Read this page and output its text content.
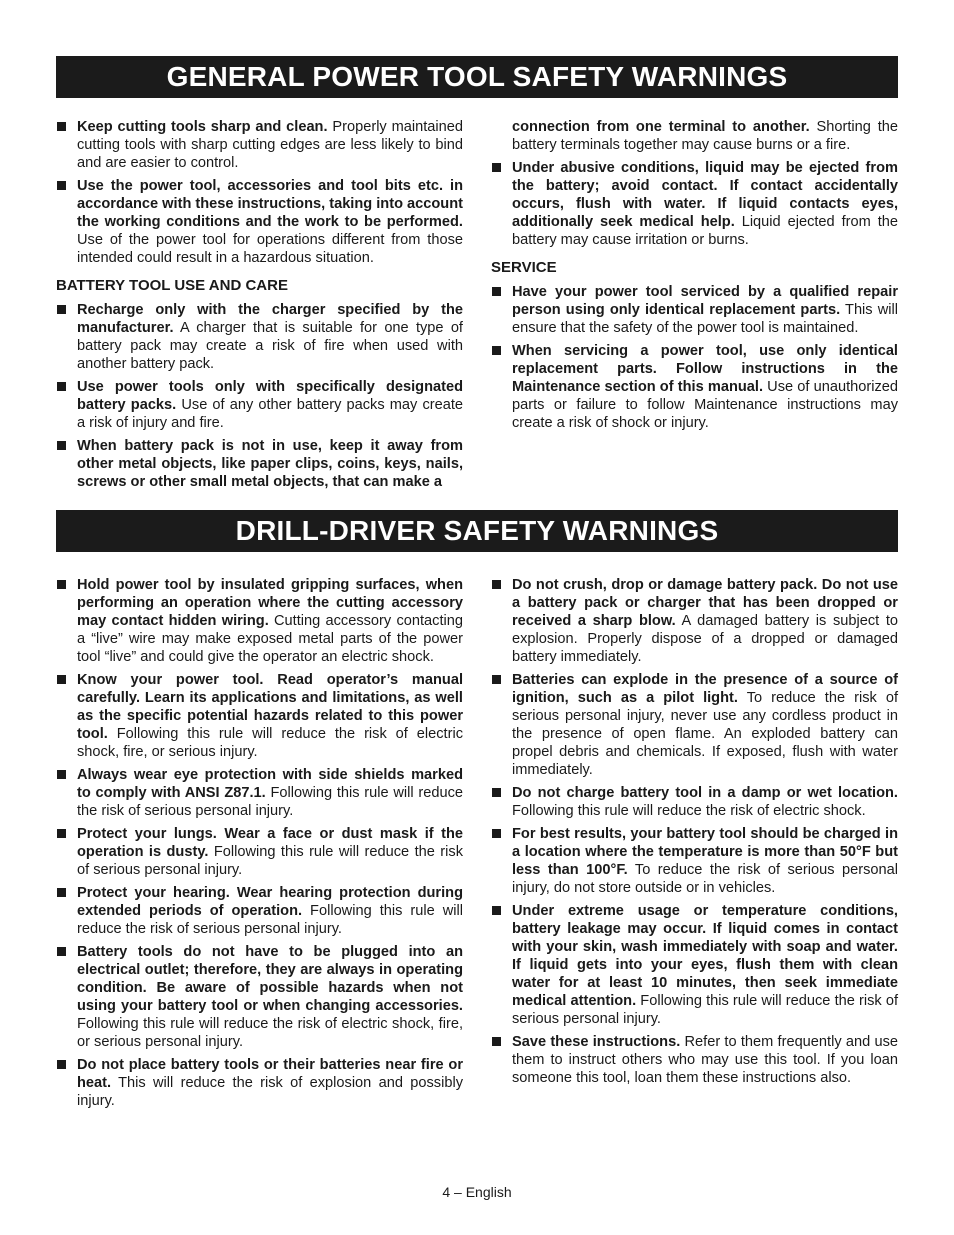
GENERAL POWER TOOL SAFETY WARNINGS
Keep cutting tools sharp and clean. Properly maintained cutting tools with sharp cutting edges are less likely to bind and are easier to control.
Use the power tool, accessories and tool bits etc. in accordance with these instructions, taking into account the working conditions and the work to be performed. Use of the power tool for operations different from those intended could result in a hazardous situation.
BATTERY TOOL USE AND CARE
Recharge only with the charger specified by the manufacturer. A charger that is suitable for one type of battery pack may create a risk of fire when used with another battery pack.
Use power tools only with specifically designated battery packs. Use of any other battery packs may create a risk of injury and fire.
When battery pack is not in use, keep it away from other metal objects, like paper clips, coins, keys, nails, screws or other small metal objects, that can make a
connection from one terminal to another. Shorting the battery terminals together may cause burns or a fire.
Under abusive conditions, liquid may be ejected from the battery; avoid contact. If contact accidentally occurs, flush with water. If liquid contacts eyes, additionally seek medical help. Liquid ejected from the battery may cause irritation or burns.
SERVICE
Have your power tool serviced by a qualified repair person using only identical replacement parts. This will ensure that the safety of the power tool is maintained.
When servicing a power tool, use only identical replacement parts. Follow instructions in the Maintenance section of this manual. Use of unauthorized parts or failure to follow Maintenance instructions may create a risk of shock or injury.
DRILL-DRIVER SAFETY WARNINGS
Hold power tool by insulated gripping surfaces, when performing an operation where the cutting accessory may contact hidden wiring. Cutting accessory contacting a “live” wire may make exposed metal parts of the power tool “live” and could give the operator an electric shock.
Know your power tool. Read operator’s manual carefully. Learn its applications and limitations, as well as the specific potential hazards related to this power tool. Following this rule will reduce the risk of electric shock, fire, or serious injury.
Always wear eye protection with side shields marked to comply with ANSI Z87.1. Following this rule will reduce the risk of serious personal injury.
Protect your lungs. Wear a face or dust mask if the operation is dusty. Following this rule will reduce the risk of serious personal injury.
Protect your hearing. Wear hearing protection during extended periods of operation. Following this rule will reduce the risk of serious personal injury.
Battery tools do not have to be plugged into an electrical outlet; therefore, they are always in operating condition. Be aware of possible hazards when not using your battery tool or when changing accessories. Following this rule will reduce the risk of electric shock, fire, or serious personal injury.
Do not place battery tools or their batteries near fire or heat. This will reduce the risk of explosion and possibly injury.
Do not crush, drop or damage battery pack. Do not use a battery pack or charger that has been dropped or received a sharp blow. A damaged battery is subject to explosion. Properly dispose of a dropped or damaged battery immediately.
Batteries can explode in the presence of a source of ignition, such as a pilot light. To reduce the risk of serious personal injury, never use any cordless product in the presence of open flame. An exploded battery can propel debris and chemicals. If exposed, flush with water immediately.
Do not charge battery tool in a damp or wet location. Following this rule will reduce the risk of electric shock.
For best results, your battery tool should be charged in a location where the temperature is more than 50°F but less than 100°F. To reduce the risk of serious personal injury, do not store outside or in vehicles.
Under extreme usage or temperature conditions, battery leakage may occur. If liquid comes in contact with your skin, wash immediately with soap and water. If liquid gets into your eyes, flush them with clean water for at least 10 minutes, then seek immediate medical attention. Following this rule will reduce the risk of serious personal injury.
Save these instructions. Refer to them frequently and use them to instruct others who may use this tool. If you loan someone this tool, loan them these instructions also.
4 – English
